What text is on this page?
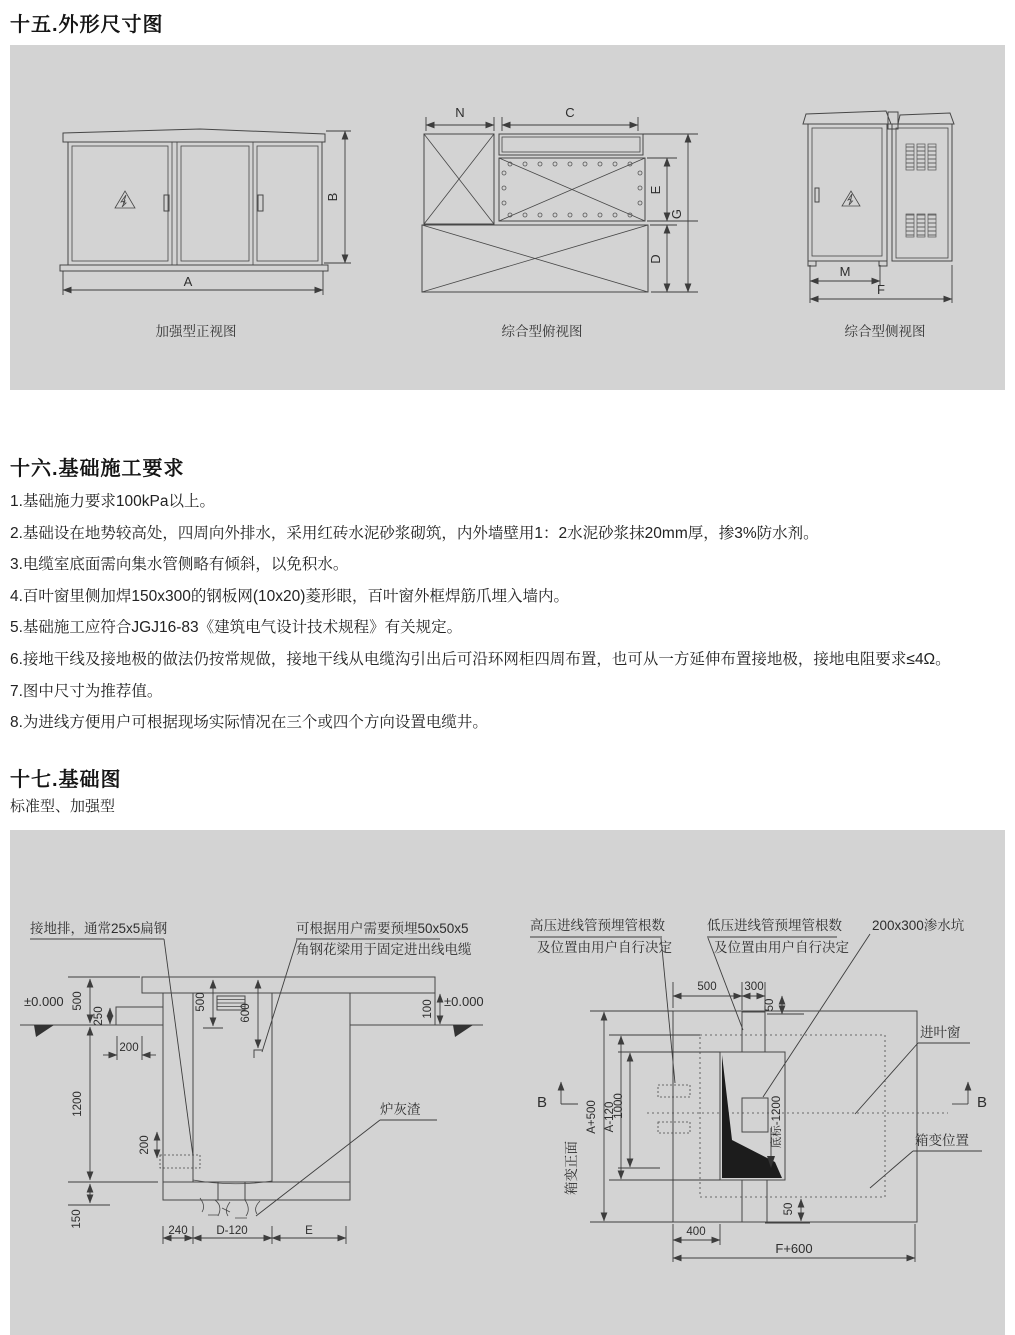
十五.外形尺寸图
A
B
加强型正视图
N	C
E
D
G
综合型俯视图
M
F
综合型侧视图
十六.基础施工要求
1.基础施力要求100kPa以上。
2.基础设在地势较高处，四周向外排水，采用红砖水泥砂浆砌筑，内外墙壁用1：2水泥砂浆抹20mm厚，掺3%防水剂。
3.电缆室底面需向集水管侧略有倾斜，以免积水。
4.百叶窗里侧加焊150x300的钢板网(10x20)菱形眼，百叶窗外框焊筋爪埋入墙内。
5.基础施工应符合JGJ16-83《建筑电气设计技术规程》有关规定。
6.接地干线及接地极的做法仍按常规做，接地干线从电缆沟引出后可沿环网柜四周布置，也可从一方延伸布置接地极，接地电阻要求≤4Ω。
7.图中尺寸为推荐值。
8.为进线方便用户可根据现场实际情况在三个或四个方向设置电缆井。
十七.基础图
标准型、加强型
接地排，通常25x5扁钢	可根据用户需要预埋50x50x5
角钢花梁用于固定进出线电缆
±0.000	±0.000
500
250
200
500
600	100
1200
150
200
240 D-120	E
炉灰渣
高压进线管预埋管根数
及位置由用户自行决定
低压进线管预埋管根数
及位置由用户自行决定
200x300渗水坑
500 300
50
底标-1200
A+500 A-120
1000
箱变正面
50
400
F+600
B	B
进叶窗
箱变位置
